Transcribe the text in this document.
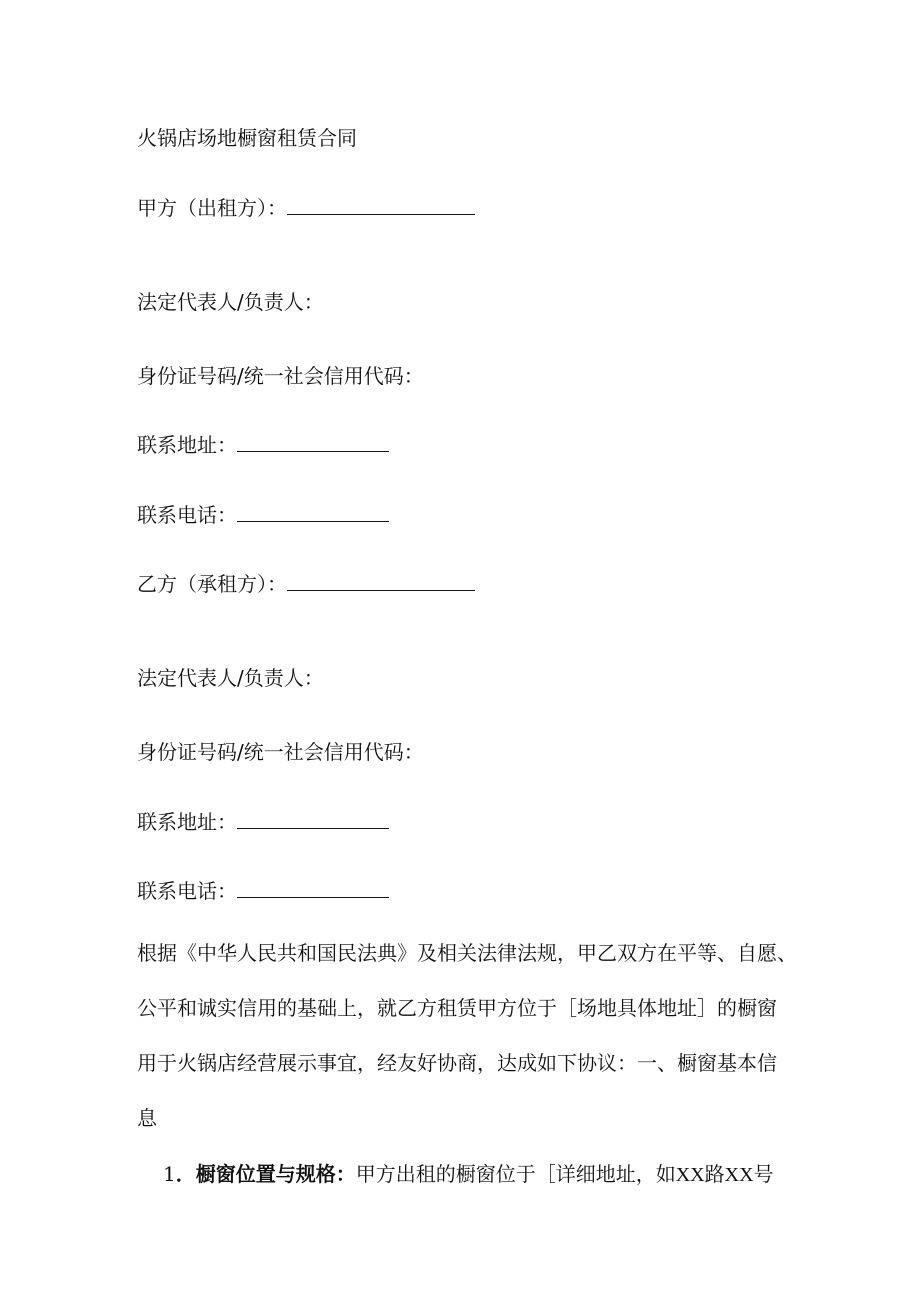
火锅店场地橱窗租赁合同
甲方（出租方）：
法定代表人/负责人：
身份证号码/统一社会信用代码：
联系地址：
联系电话：
乙方（承租方）：
法定代表人/负责人：
身份证号码/统一社会信用代码：
联系地址：
联系电话：
根据《中华人民共和国民法典》及相关法律法规，甲乙双方在平等、自愿、
公平和诚实信用的基础上，就乙方租赁甲方位于［场地具体地址］的橱窗
用于火锅店经营展示事宜，经友好协商，达成如下协议：一、橱窗基本信
息
1．橱窗位置与规格：甲方出租的橱窗位于［详细地址，如XX路XX号
